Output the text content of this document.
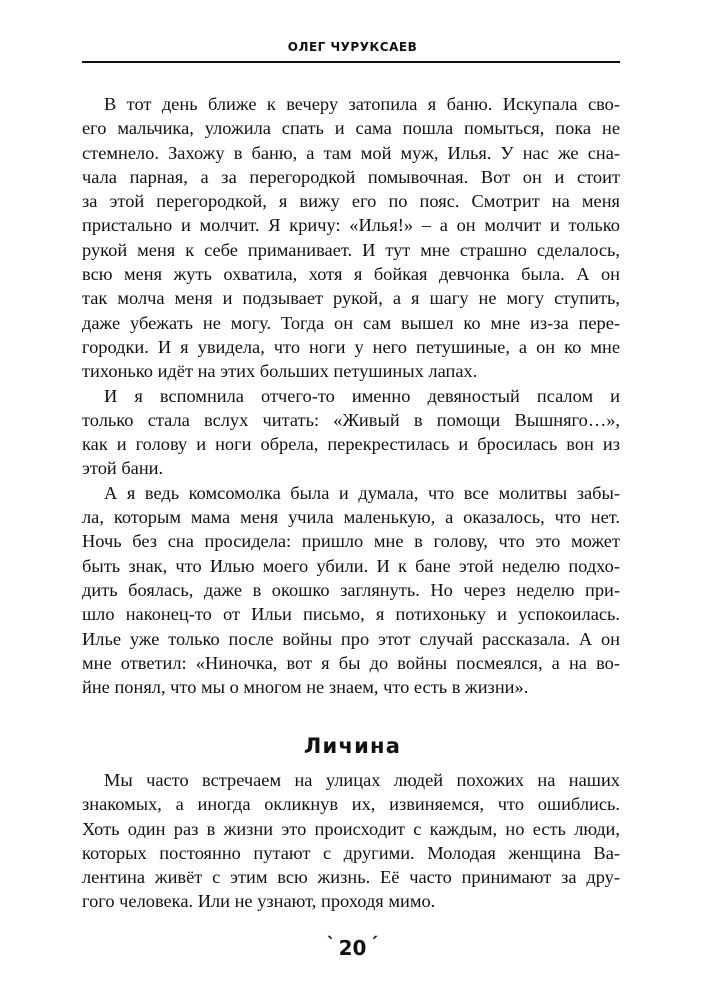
ОЛЕГ ЧУРУКСАЕВ
В тот день ближе к вечеру затопила я баню. Искупала сво-
его мальчика, уложила спать и сама пошла помыться, пока не
стемнело. Захожу в баню, а там мой муж, Илья. У нас же сна-
чала парная, а за перегородкой помывочная. Вот он и стоит
за этой перегородкой, я вижу его по пояс. Смотрит на меня
пристально и молчит. Я кричу: «Илья!» – а он молчит и только
рукой меня к себе приманивает. И тут мне страшно сделалось,
всю меня жуть охватила, хотя я бойкая девчонка была. А он
так молча меня и подзывает рукой, а я шагу не могу ступить,
даже убежать не могу. Тогда он сам вышел ко мне из-за пере-
городки. И я увидела, что ноги у него петушиные, а он ко мне
тихонько идёт на этих больших петушиных лапах.
И я вспомнила отчего-то именно девяностый псалом и
только стала вслух читать: «Живый в помощи Вышняго…»,
как и голову и ноги обрела, перекрестилась и бросилась вон из
этой бани.
А я ведь комсомолка была и думала, что все молитвы забы-
ла, которым мама меня учила маленькую, а оказалось, что нет.
Ночь без сна просидела: пришло мне в голову, что это может
быть знак, что Илью моего убили. И к бане этой неделю подхо-
дить боялась, даже в окошко заглянуть. Но через неделю при-
шло наконец-то от Ильи письмо, я потихоньку и успокоилась.
Илье уже только после войны про этот случай рассказала. А он
мне ответил: «Ниночка, вот я бы до войны посмеялся, а на во-
йне понял, что мы о многом не знаем, что есть в жизни».
Личина
Мы часто встречаем на улицах людей похожих на наших
знакомых, а иногда окликнув их, извиняемся, что ошиблись.
Хоть один раз в жизни это происходит с каждым, но есть люди,
которых постоянно путают с другими. Молодая женщина Ва-
лентина живёт с этим всю жизнь. Её часто принимают за дру-
гого человека. Или не узнают, проходя мимо.
` 20 ´
